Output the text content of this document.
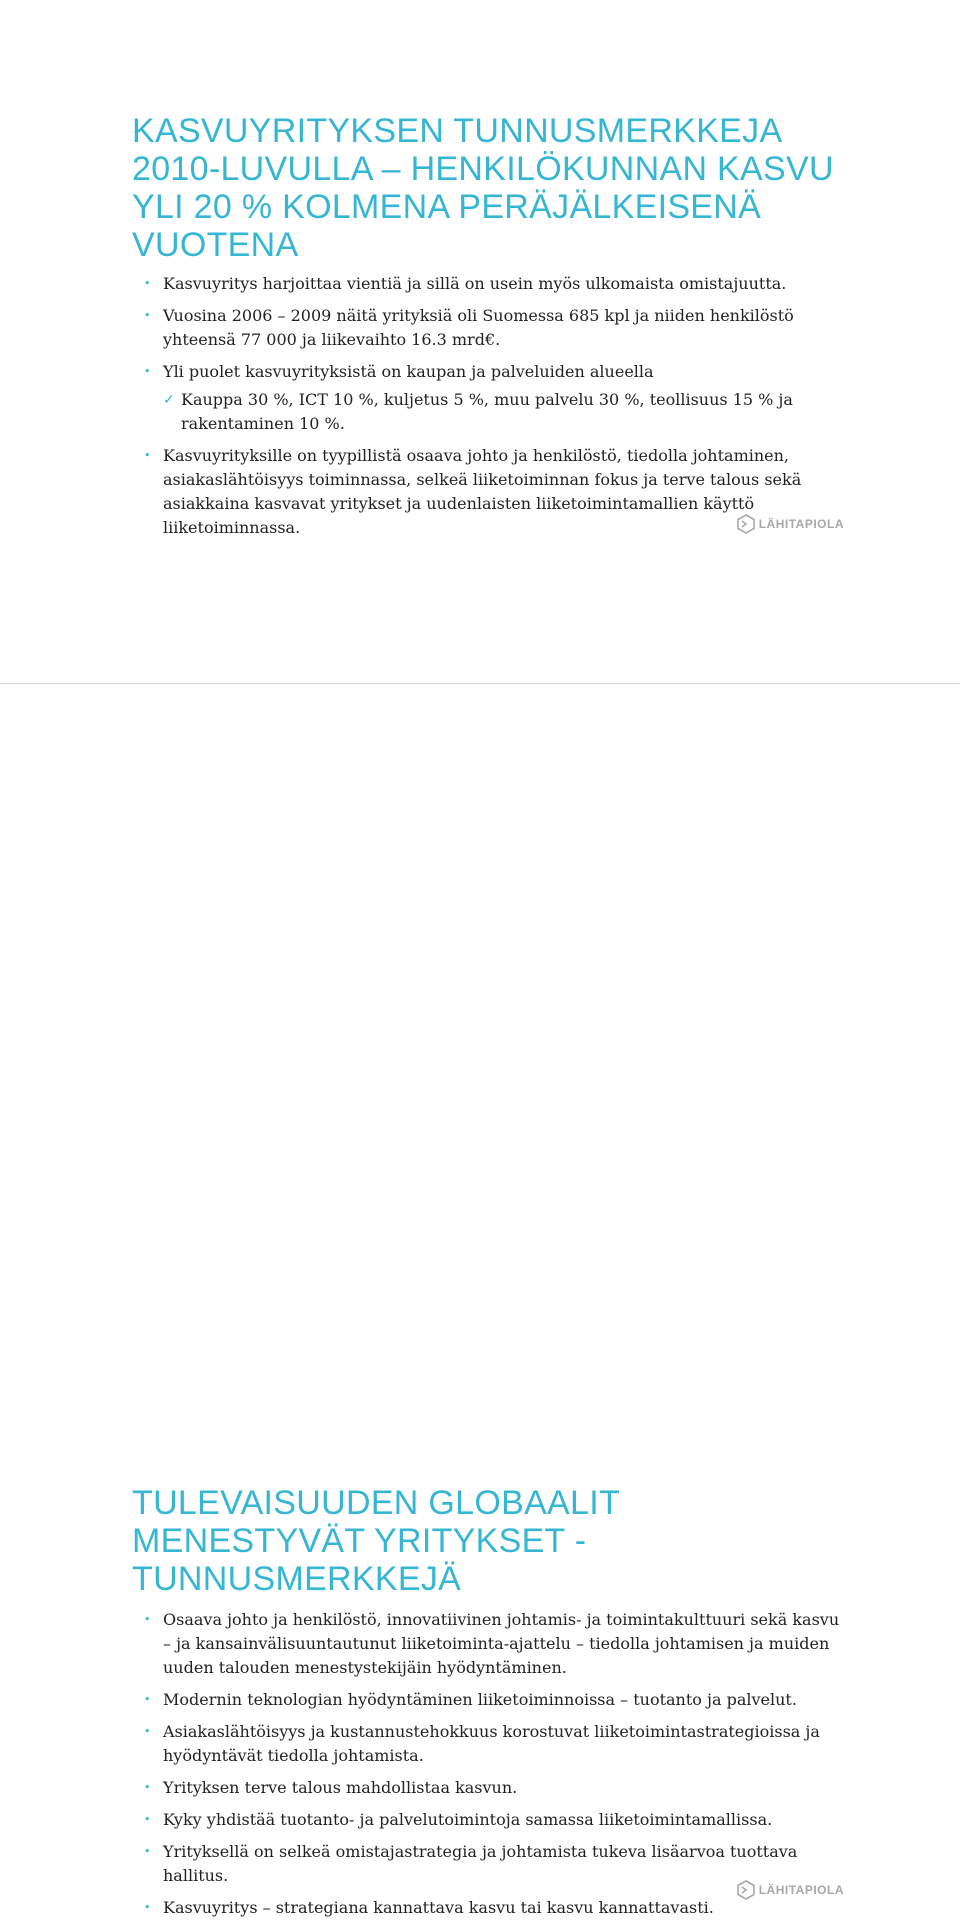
KASVUYRITYKSEN TUNNUSMERKKEJA
2010-LUVULLA – HENKILÖKUNNAN KASVU
YLI 20 % KOLMENA PERÄJÄLKEISENÄ
VUOTENA
• Kasvuyritys harjoittaa vientiä ja sillä on usein myös ulkomaista omistajuutta.
• Vuosina 2006 – 2009 näitä yrityksiä oli Suomessa 685 kpl ja niiden henkilöstö yhteensä 77 000 ja liikevaihto 16.3 mrd€.
• Yli puolet kasvuyrityksistä on kaupan ja palveluiden alueella
✓ Kauppa 30 %, ICT 10 %, kuljetus 5 %, muu palvelu 30 %, teollisuus 15 % ja rakentaminen 10 %.
• Kasvuyrityksille on tyypillistä osaava johto ja henkilöstö, tiedolla johtaminen, asiakaslähtöisyys toiminnassa, selkeä liiketoiminnan fokus ja terve talous sekä asiakkaina kasvavat yritykset ja uudenlaisten liiketoimintamallien käyttö liiketoiminnassa.	LÄHITAPIOLA
TULEVAISUUDEN GLOBAALIT
MENESTYVÄT YRITYKSET -
TUNNUSMERKKEJÄ
• Osaava johto ja henkilöstö, innovatiivinen johtamis- ja toimintakulttuuri sekä kasvu – ja kansainvälisuuntautunut liiketoiminta-ajattelu – tiedolla johtamisen ja muiden uuden talouden menestystekijäin hyödyntäminen.
• Modernin teknologian hyödyntäminen liiketoiminnoissa – tuotanto ja palvelut.
• Asiakaslähtöisyys ja kustannustehokkuus korostuvat liiketoimintastrategioissa ja hyödyntävät tiedolla johtamista.
• Yrityksen terve talous mahdollistaa kasvun.
• Kyky yhdistää tuotanto- ja palvelutoimintoja samassa liiketoimintamallissa.
• Yrityksellä on selkeä omistajastrategia ja johtamista tukeva lisäarvoa tuottava hallitus.
• Kasvuyritys – strategiana kannattava kasvu tai kasvu kannattavasti.
LÄHITAPIOLA
